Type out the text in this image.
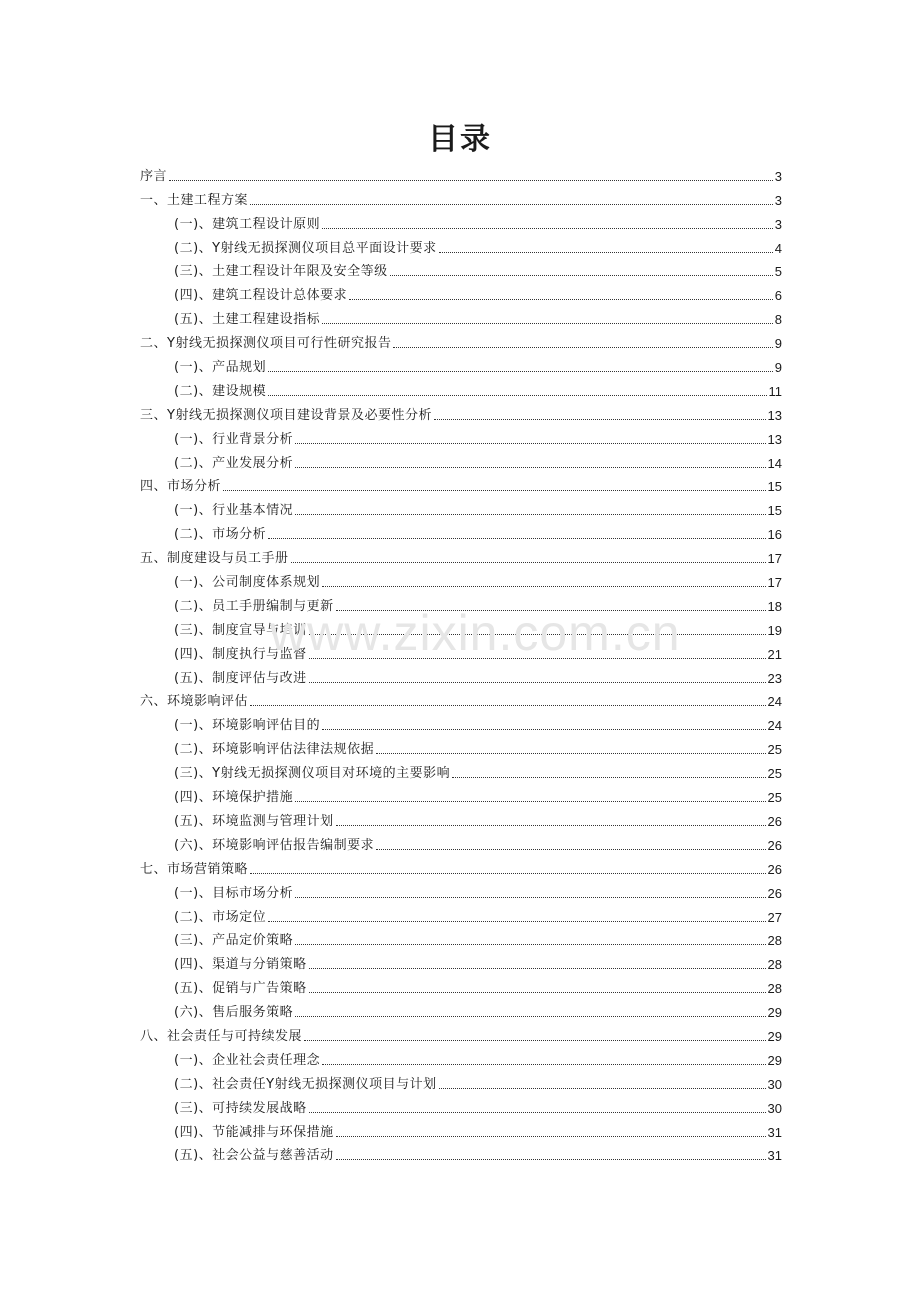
目录
序言	3
一、土建工程方案	3
(一)、建筑工程设计原则	3
(二)、Y射线无损探测仪项目总平面设计要求	4
(三)、土建工程设计年限及安全等级	5
(四)、建筑工程设计总体要求	6
(五)、土建工程建设指标	8
二、Y射线无损探测仪项目可行性研究报告	9
(一)、产品规划	9
(二)、建设规模	11
三、Y射线无损探测仪项目建设背景及必要性分析	13
(一)、行业背景分析	13
(二)、产业发展分析	14
四、市场分析	15
(一)、行业基本情况	15
(二)、市场分析	16
五、制度建设与员工手册	17
(一)、公司制度体系规划	17
(二)、员工手册编制与更新	18
(三)、制度宣导与培训	19
(四)、制度执行与监督	21
(五)、制度评估与改进	23
六、环境影响评估	24
(一)、环境影响评估目的	24
(二)、环境影响评估法律法规依据	25
(三)、Y射线无损探测仪项目对环境的主要影响	25
(四)、环境保护措施	25
(五)、环境监测与管理计划	26
(六)、环境影响评估报告编制要求	26
七、市场营销策略	26
(一)、目标市场分析	26
(二)、市场定位	27
(三)、产品定价策略	28
(四)、渠道与分销策略	28
(五)、促销与广告策略	28
(六)、售后服务策略	29
八、社会责任与可持续发展	29
(一)、企业社会责任理念	29
(二)、社会责任Y射线无损探测仪项目与计划	30
(三)、可持续发展战略	30
(四)、节能减排与环保措施	31
(五)、社会公益与慈善活动	31
www.zixin.com.cn
